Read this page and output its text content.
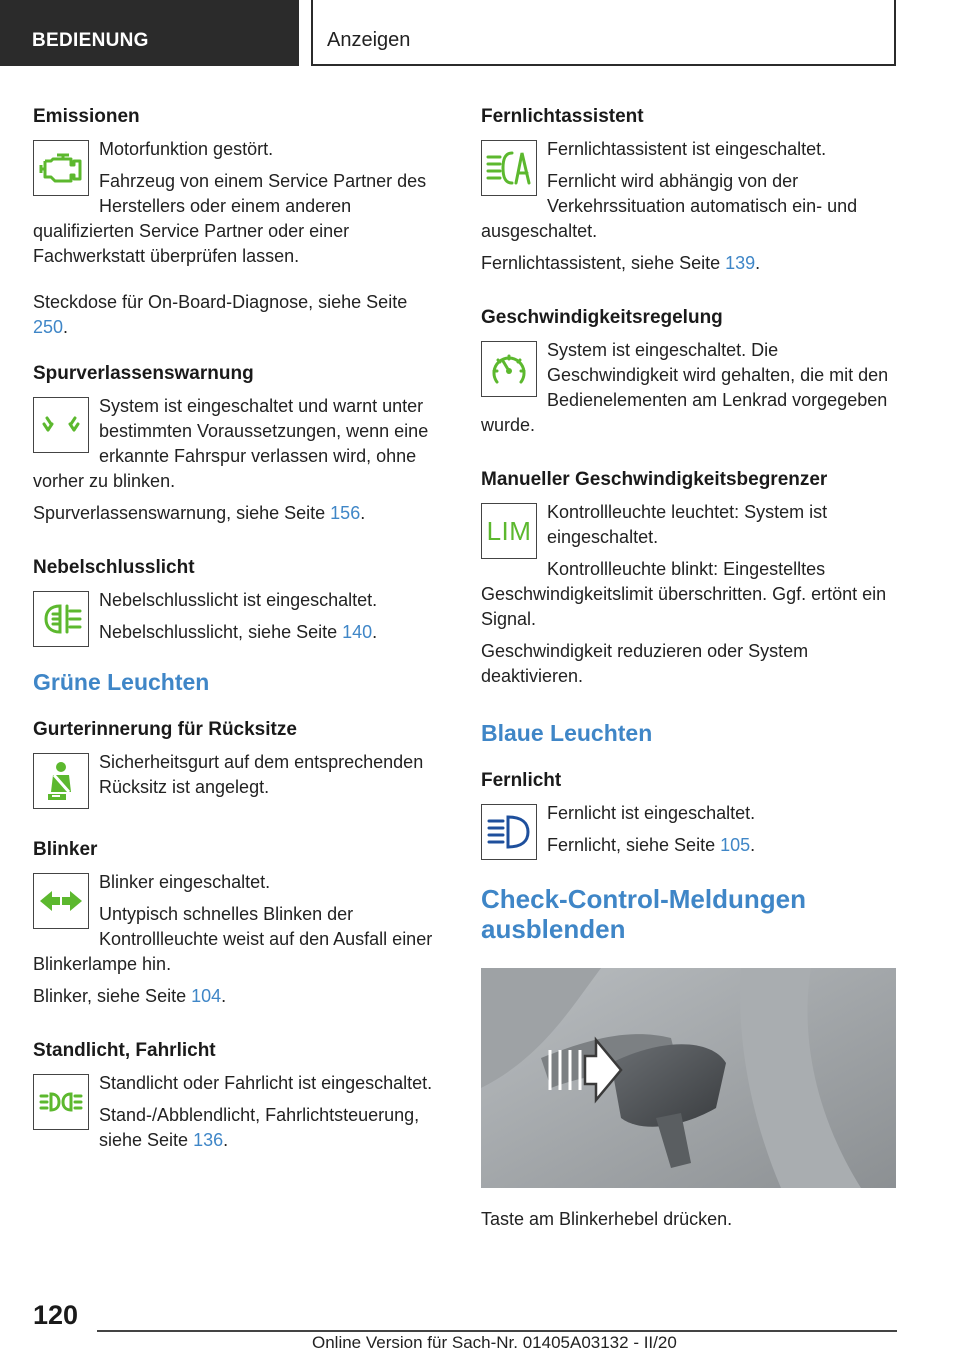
BEDIENUNG	Anzeigen
Emissionen

Motorfunktion gestört.

Fahrzeug von einem Service Partner des Herstellers oder einem anderen qualifizierten Service Partner oder einer Fachwerkstatt überprüfen lassen.

Steckdose für On-Board-Diagnose, siehe Seite 250.

Spurverlassenswarnung

System ist eingeschaltet und warnt unter bestimmten Voraussetzungen, wenn eine erkannte Fahrspur verlassen wird, ohne vorher zu blinken.

Spurverlassenswarnung, siehe Seite 156.

Nebelschlusslicht

Nebelschlusslicht ist eingeschaltet.

Nebelschlusslicht, siehe Seite 140.

Grüne Leuchten
Gurterinnerung für Rücksitze

Sicherheitsgurt auf dem entsprechenden Rücksitz ist angelegt.

Blinker

Blinker eingeschaltet.

Untypisch schnelles Blinken der Kontrollleuchte weist auf den Ausfall einer Blinkerlampe hin.

Blinker, siehe Seite 104.

Standlicht, Fahrlicht

Standlicht oder Fahrlicht ist eingeschaltet.

Stand-/Abblendlicht, Fahrlichtsteuerung, siehe Seite 136.

Fernlichtassistent

Fernlichtassistent ist eingeschaltet.

Fernlicht wird abhängig von der Verkehrssituation automatisch ein- und ausgeschaltet.

Fernlichtassistent, siehe Seite 139.

Geschwindigkeitsregelung

System ist eingeschaltet. Die Geschwindigkeit wird gehalten, die mit den Bedienelementen am Lenkrad vorgegeben wurde.

Manueller Geschwindigkeitsbegrenzer
LIM

Kontrollleuchte leuchtet: System ist eingeschaltet.

Kontrollleuchte blinkt: Eingestelltes Geschwindigkeitslimit überschritten. Ggf. ertönt ein Signal.

Geschwindigkeit reduzieren oder System deaktivieren.

Blaue Leuchten
Fernlicht

Fernlicht ist eingeschaltet.

Fernlicht, siehe Seite 105.

Check-Control-Meldungen ausblenden

Taste am Blinkerhebel drücken.

120
Online Version für Sach-Nr. 01405A03132 - II/20
